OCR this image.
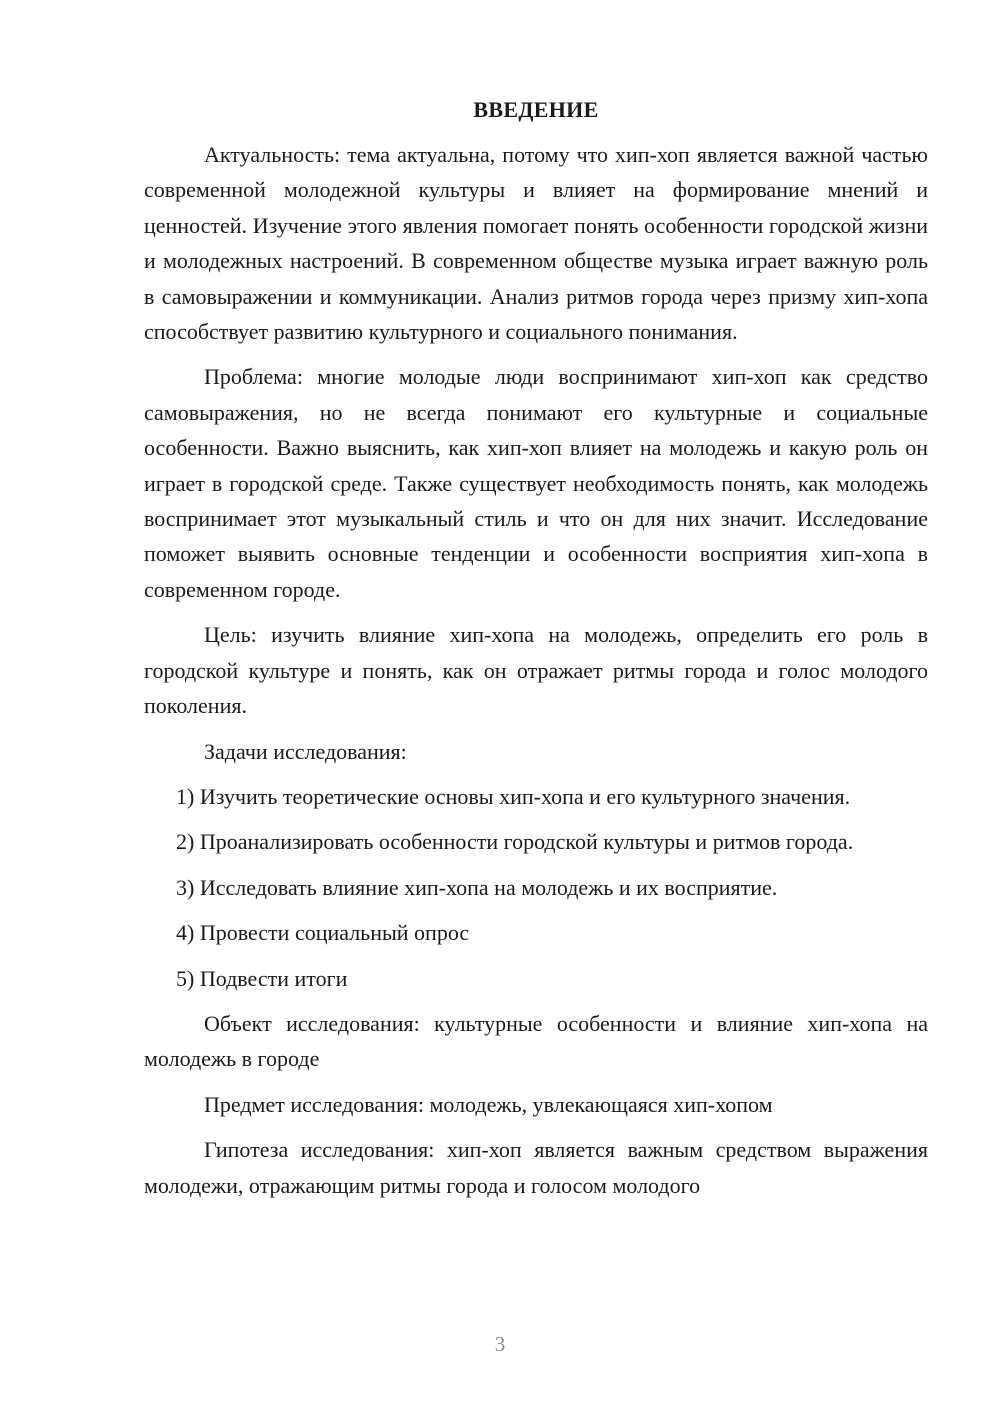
ВВЕДЕНИЕ

Актуальность: тема актуальна, потому что хип-хоп является важной частью современной молодежной культуры и влияет на формирование мнений и ценностей. Изучение этого явления помогает понять особенности городской жизни и молодежных настроений. В современном обществе музыка играет важную роль в самовыражении и коммуникации. Анализ ритмов города через призму хип-хопа способствует развитию культурного и социального понимания.

Проблема: многие молодые люди воспринимают хип-хоп как средство самовыражения, но не всегда понимают его культурные и социальные особенности. Важно выяснить, как хип-хоп влияет на молодежь и какую роль он играет в городской среде. Также существует необходимость понять, как молодежь воспринимает этот музыкальный стиль и что он для них значит. Исследование поможет выявить основные тенденции и особенности восприятия хип-хопа в современном городе.

Цель: изучить влияние хип-хопа на молодежь, определить его роль в городской культуре и понять, как он отражает ритмы города и голос молодого поколения.

Задачи исследования:

1) Изучить теоретические основы хип-хопа и его культурного значения.

2) Проанализировать особенности городской культуры и ритмов города.

3) Исследовать влияние хип-хопа на молодежь и их восприятие.

4) Провести социальный опрос

5) Подвести итоги

Объект исследования: культурные особенности и влияние хип-хопа на молодежь в городе

Предмет исследования: молодежь, увлекающаяся хип-хопом

Гипотеза исследования: хип-хоп является важным средством выражения молодежи, отражающим ритмы города и голосом молодого

3
